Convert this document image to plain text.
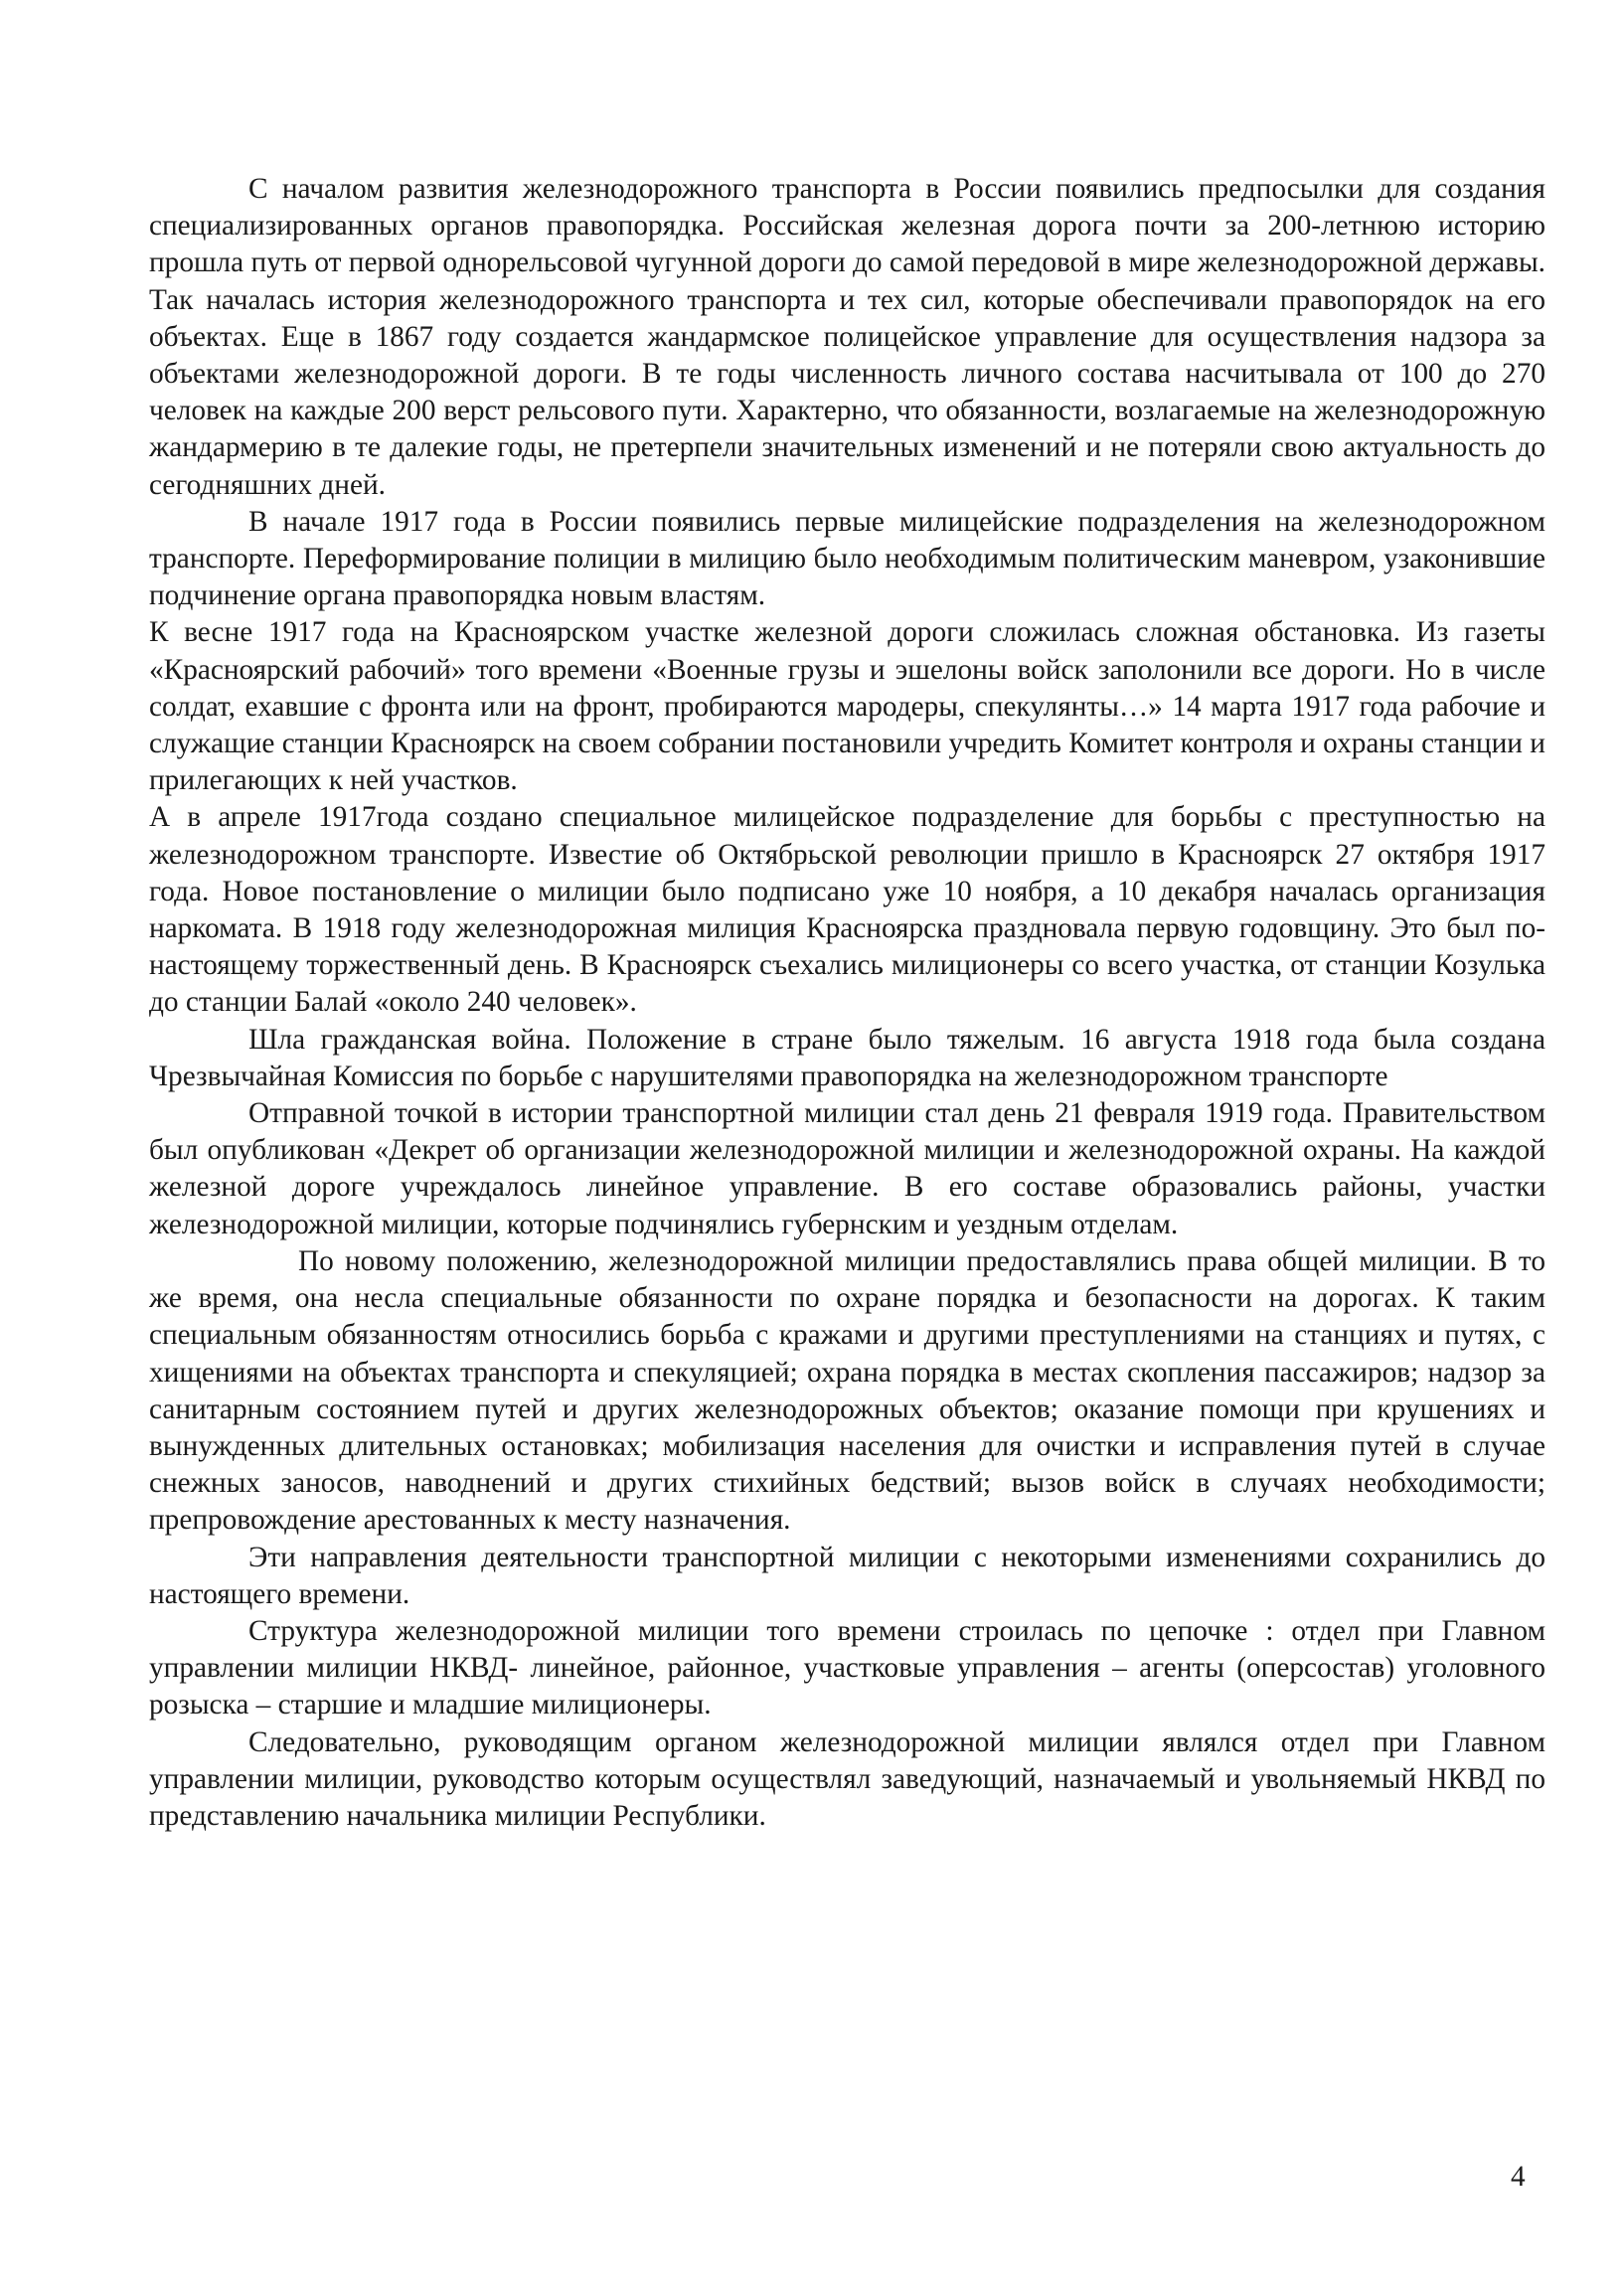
С началом развития железнодорожного транспорта в России появились предпосылки для создания специализированных органов правопорядка. Российская железная дорога почти за 200-летнюю историю прошла путь от первой однорельсовой чугунной дороги до самой передовой в мире железнодорожной державы. Так началась история железнодорожного транспорта и тех сил, которые обеспечивали правопорядок на его объектах. Еще в 1867 году создается жандармское полицейское управление для осуществления надзора за объектами железнодорожной дороги. В те годы численность личного состава насчитывала от 100 до 270 человек на каждые 200 верст рельсового пути. Характерно, что обязанности, возлагаемые на железнодорожную жандармерию в те далекие годы, не претерпели значительных изменений и не потеряли свою актуальность до сегодняшних дней.

В начале 1917 года в России появились первые милицейские подразделения на железнодорожном транспорте. Переформирование полиции в милицию было необходимым политическим маневром, узаконившие подчинение органа правопорядка новым властям.

К весне 1917 года на Красноярском участке железной дороги сложилась сложная обстановка. Из газеты «Красноярский рабочий» того времени «Военные грузы и эшелоны войск заполонили все дороги. Но в числе солдат, ехавшие с фронта или на фронт, пробираются мародеры, спекулянты…» 14 марта 1917 года рабочие и служащие станции Красноярск на своем собрании постановили учредить Комитет контроля и охраны станции и прилегающих к ней участков.

А в апреле 1917года создано специальное милицейское подразделение для борьбы с преступностью на железнодорожном транспорте. Известие об Октябрьской революции пришло в Красноярск 27 октября 1917 года. Новое постановление о милиции было подписано уже 10 ноября, а 10 декабря началась организация наркомата. В 1918 году железнодорожная милиция Красноярска праздновала первую годовщину. Это был по-настоящему торжественный день. В Красноярск съехались милиционеры со всего участка, от станции Козулька до станции Балай «около 240 человек».

Шла гражданская война. Положение в стране было тяжелым. 16 августа 1918 года была создана Чрезвычайная Комиссия по борьбе с нарушителями правопорядка на железнодорожном транспорте

Отправной точкой в истории транспортной милиции стал день 21 февраля 1919 года. Правительством был опубликован «Декрет об организации железнодорожной милиции и железнодорожной охраны. На каждой железной дороге учреждалось линейное управление. В его составе образовались районы, участки железнодорожной милиции, которые подчинялись губернским и уездным отделам.

По новому положению, железнодорожной милиции предоставлялись права общей милиции. В то же время, она несла специальные обязанности по охране порядка и безопасности на дорогах. К таким специальным обязанностям относились борьба с кражами и другими преступлениями на станциях и путях, с хищениями на объектах транспорта и спекуляцией; охрана порядка в местах скопления пассажиров; надзор за санитарным состоянием путей и других железнодорожных объектов; оказание помощи при крушениях и вынужденных длительных остановках; мобилизация населения для очистки и исправления путей в случае снежных заносов, наводнений и других стихийных бедствий; вызов войск в случаях необходимости; препровождение арестованных к месту назначения.

Эти направления деятельности транспортной милиции с некоторыми изменениями сохранились до настоящего времени.

Структура железнодорожной милиции того времени строилась по цепочке : отдел при Главном управлении милиции НКВД- линейное, районное, участковые управления – агенты (оперсостав) уголовного розыска – старшие и младшие милиционеры.

Следовательно, руководящим органом железнодорожной милиции являлся отдел при Главном управлении милиции, руководство которым осуществлял заведующий, назначаемый и увольняемый НКВД по представлению начальника милиции Республики.

4
